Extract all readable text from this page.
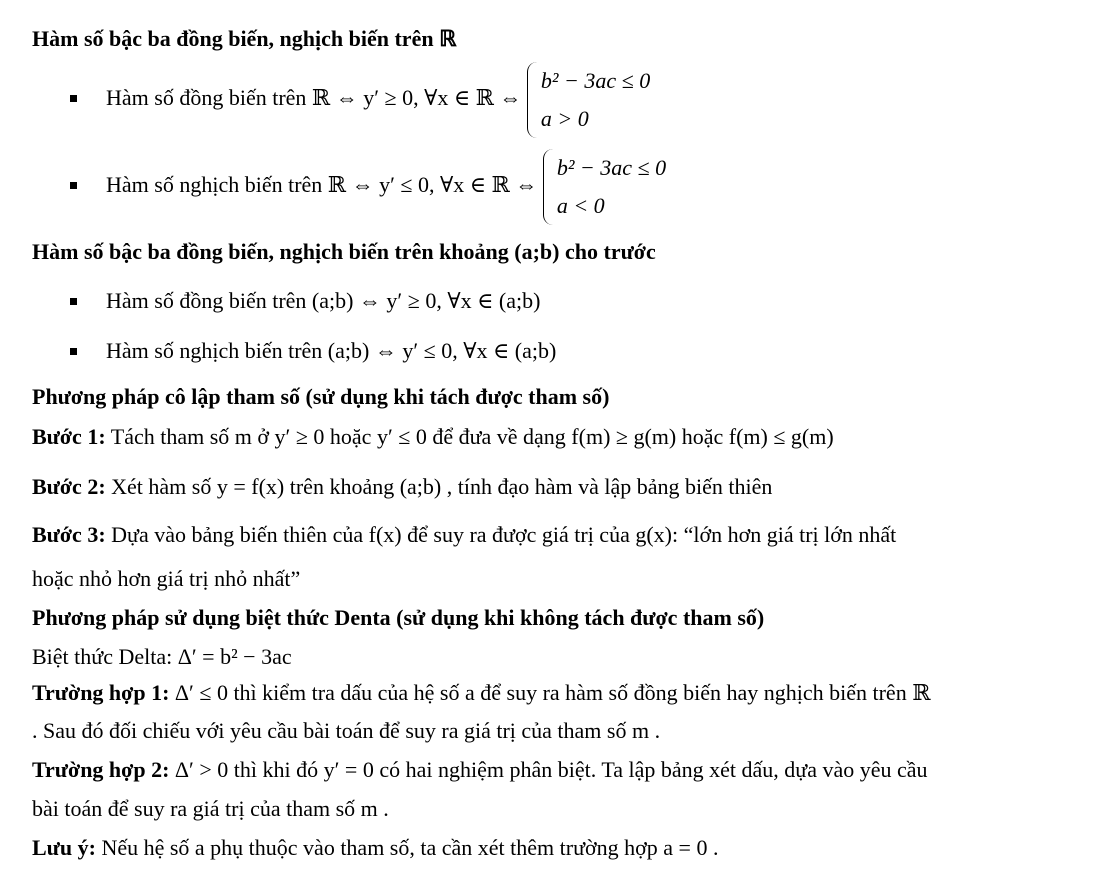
Hàm số bậc ba đồng biến, nghịch biến trên ℝ
Hàm số đồng biến trên ℝ ⇔ y′ ≥ 0, ∀x ∈ ℝ ⇔
b² − 3ac ≤ 0
a > 0
Hàm số nghịch biến trên ℝ ⇔ y′ ≤ 0, ∀x ∈ ℝ ⇔
b² − 3ac ≤ 0
a < 0
Hàm số bậc ba đồng biến, nghịch biến trên khoảng (a;b) cho trước
Hàm số đồng biến trên (a;b) ⇔ y′ ≥ 0, ∀x ∈ (a;b)
Hàm số nghịch biến trên (a;b) ⇔ y′ ≤ 0, ∀x ∈ (a;b)
Phương pháp cô lập tham số (sử dụng khi tách được tham số)
Bước 1: Tách tham số m ở y′ ≥ 0 hoặc y′ ≤ 0 để đưa về dạng f(m) ≥ g(m) hoặc f(m) ≤ g(m)
Bước 2: Xét hàm số y = f(x) trên khoảng (a;b) , tính đạo hàm và lập bảng biến thiên
Bước 3: Dựa vào bảng biến thiên của f(x) để suy ra được giá trị của g(x): “lớn hơn giá trị lớn nhất
hoặc nhỏ hơn giá trị nhỏ nhất”
Phương pháp sử dụng biệt thức Denta (sử dụng khi không tách được tham số)
Biệt thức Delta: Δ′ = b² − 3ac
Trường hợp 1: Δ′ ≤ 0 thì kiểm tra dấu của hệ số a để suy ra hàm số đồng biến hay nghịch biến trên ℝ
. Sau đó đối chiếu với yêu cầu bài toán để suy ra giá trị của tham số m .
Trường hợp 2: Δ′ > 0 thì khi đó y′ = 0 có hai nghiệm phân biệt. Ta lập bảng xét dấu, dựa vào yêu cầu
bài toán để suy ra giá trị của tham số m .
Lưu ý: Nếu hệ số a phụ thuộc vào tham số, ta cần xét thêm trường hợp a = 0 .
